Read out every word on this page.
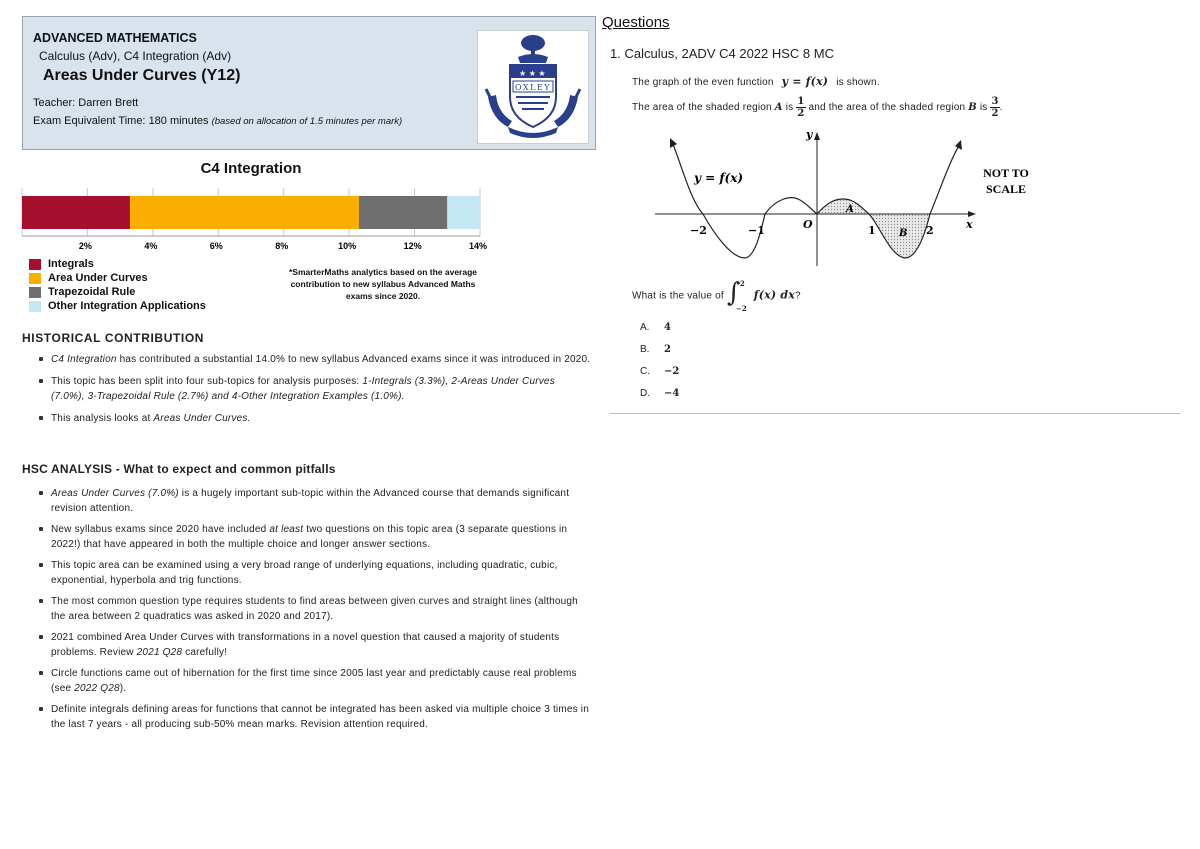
ADVANCED MATHEMATICS
Calculus (Adv), C4 Integration (Adv)
Areas Under Curves (Y12)
Teacher: Darren Brett
Exam Equivalent Time: 180 minutes (based on allocation of 1.5 minutes per mark)
★ ★ ★
OXLEY
C4 Integration
2%	4%	6%	8%	10%	12%	14%
Integrals
Area Under Curves
Trapezoidal Rule
Other Integration Applications
*SmarterMaths analytics based on the average contribution to new syllabus Advanced Maths exams since 2020.
HISTORICAL CONTRIBUTION
C4 Integration has contributed a substantial 14.0% to new syllabus Advanced exams since it was introduced in 2020.
This topic has been split into four sub-topics for analysis purposes: 1-Integrals (3.3%), 2-Areas Under Curves (7.0%), 3-Trapezoidal Rule (2.7%) and 4-Other Integration Examples (1.0%).
This analysis looks at Areas Under Curves.
HSC ANALYSIS - What to expect and common pitfalls
Areas Under Curves (7.0%) is a hugely important sub-topic within the Advanced course that demands significant revision attention.
New syllabus exams since 2020 have included at least two questions on this topic area (3 separate questions in 2022!) that have appeared in both the multiple choice and longer answer sections.
This topic area can be examined using a very broad range of underlying equations, including quadratic, cubic, exponential, hyperbola and trig functions.
The most common question type requires students to find areas between given curves and straight lines (although the area between 2 quadratics was asked in 2020 and 2017).
2021 combined Area Under Curves with transformations in a novel question that caused a majority of students problems. Review 2021 Q28 carefully!
Circle functions came out of hibernation for the first time since 2005 last year and predictably cause real problems (see 2022 Q28).
Definite integrals defining areas for functions that cannot be integrated has been asked via multiple choice 3 times in the last 7 years - all producing sub-50% mean marks. Revision attention required.
Questions
1. Calculus, 2ADV C4 2022 HSC 8 MC
The graph of the even function y = f(x) is shown.
The area of the shaded region A is $\frac{1}{2}$ and the area of the shaded region B is $\frac{3}{2}$ .
y = f(x)	NOT TO
SCALE
y
x
O
A
B
−2	−1	1	2
What is the value of ∫ 2
−2
f(x) dx?
A.	4
B.	2
C.	−2
D.	−4
